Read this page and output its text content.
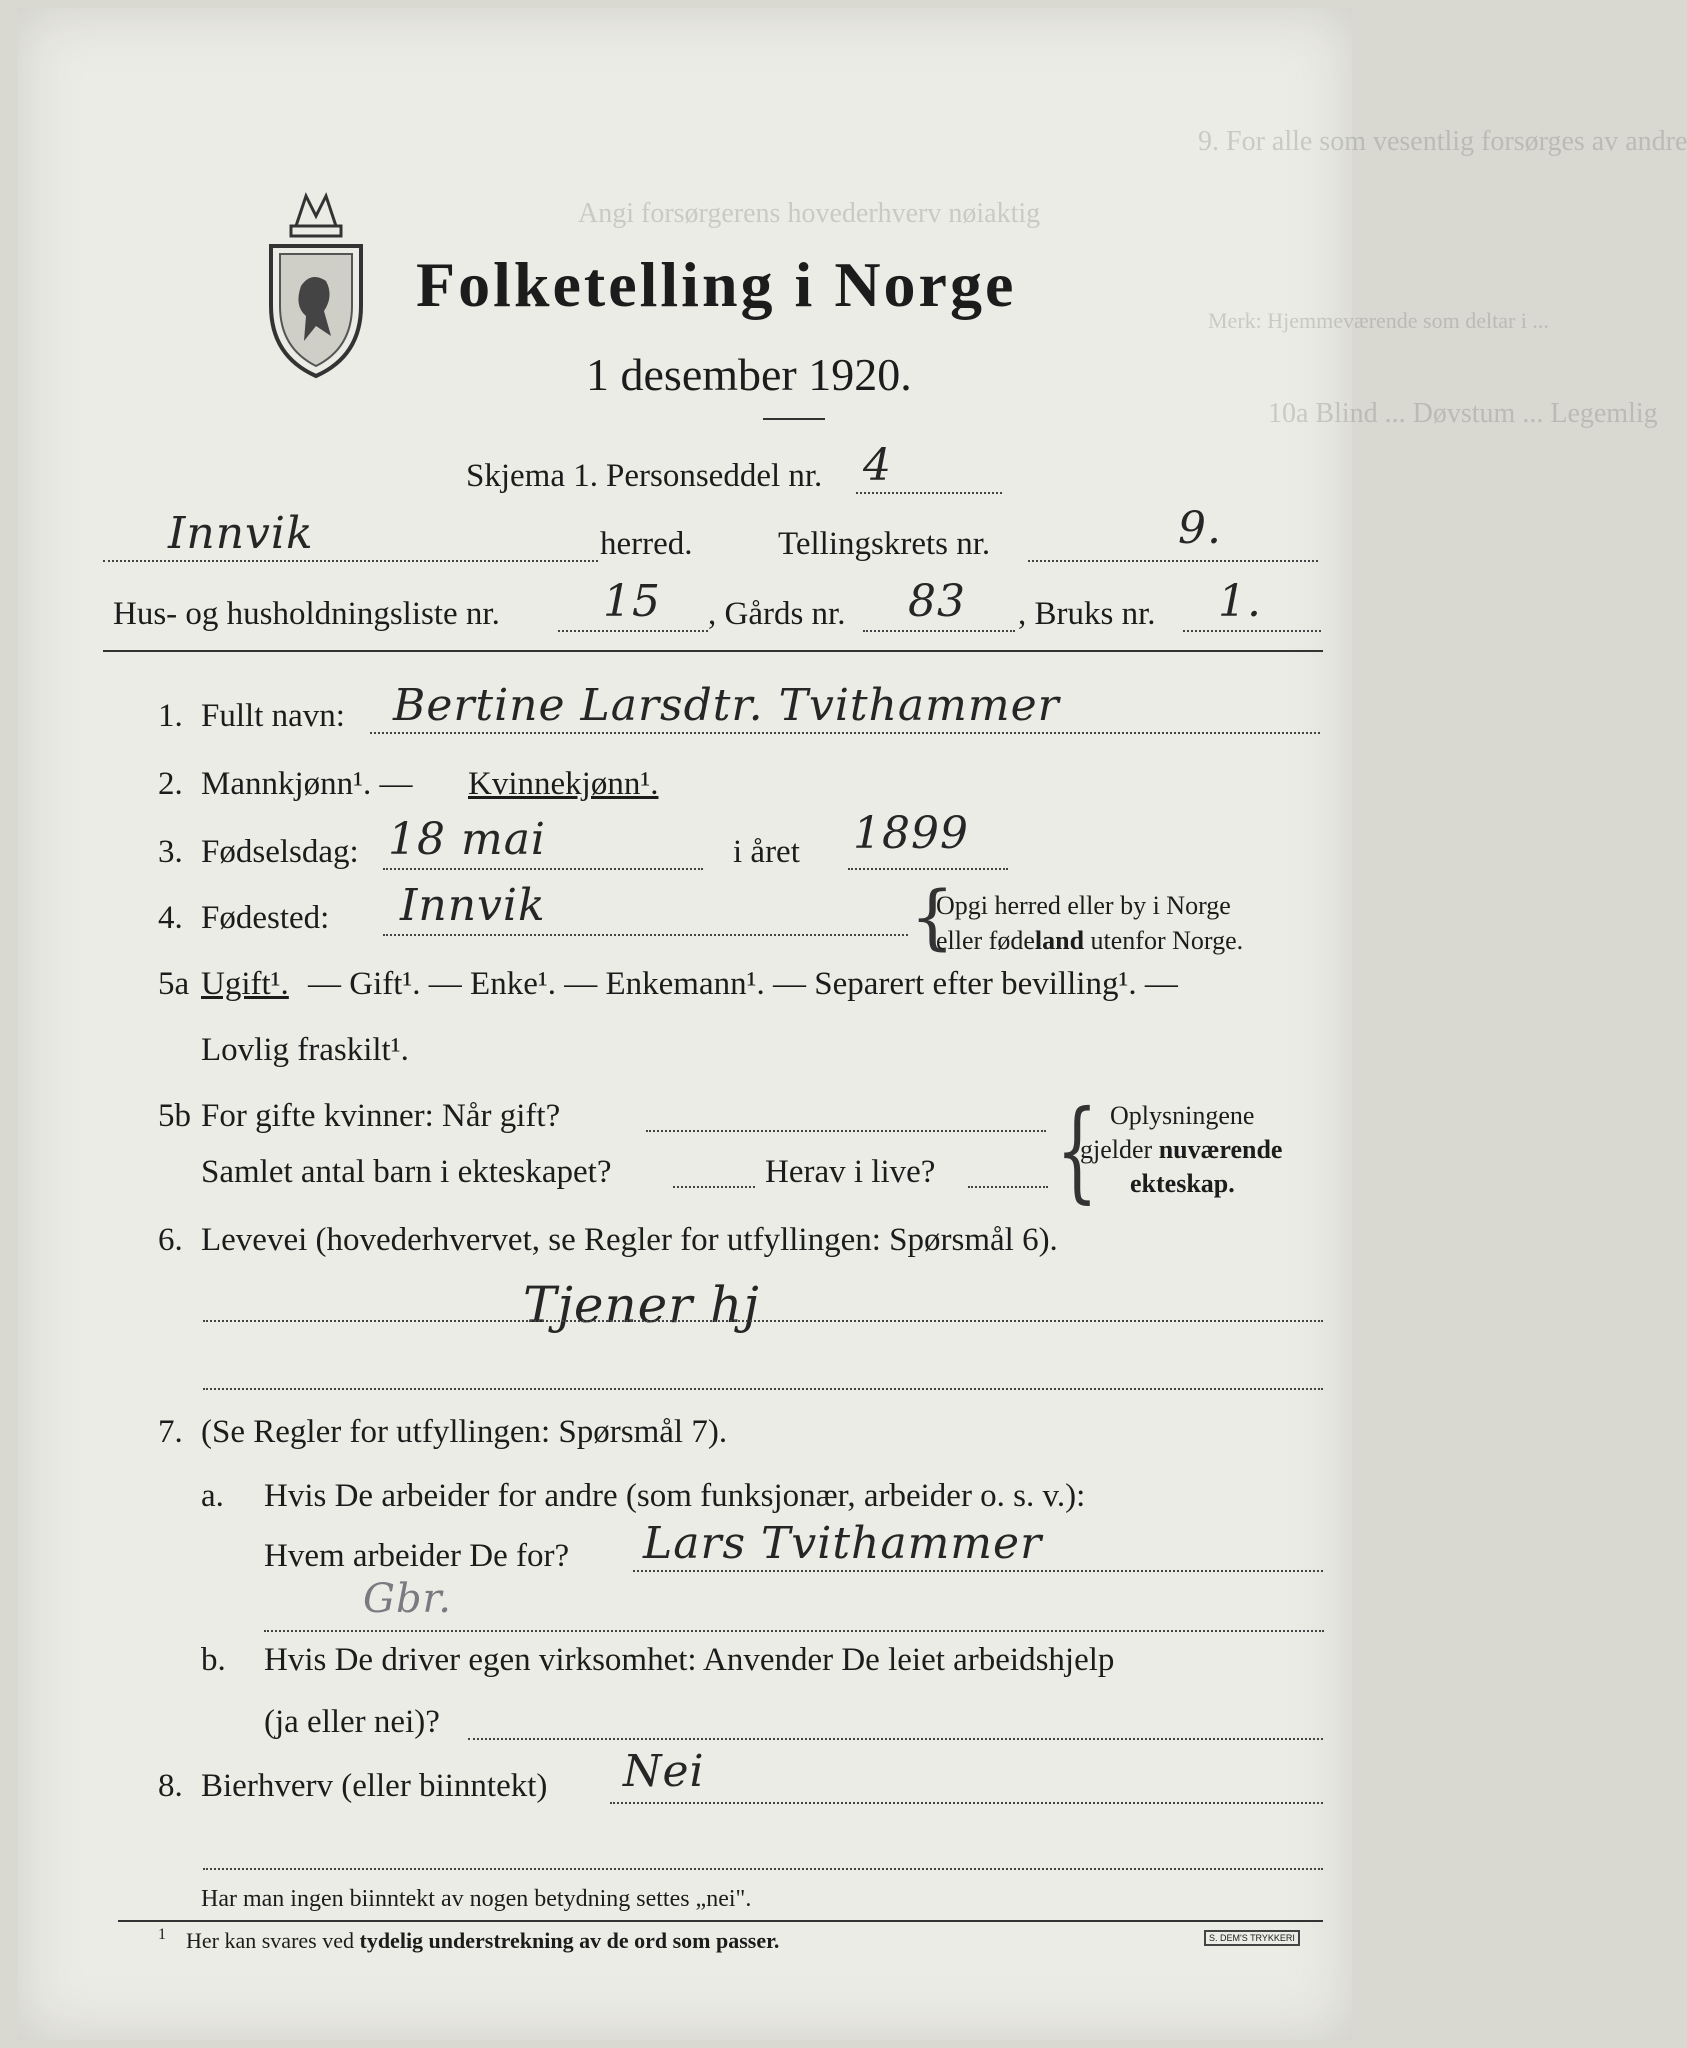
9. For alle som vesentlig forsørges av andre
Angi forsørgerens hovederhverv nøiaktig
Merk: Hjemmeværende som deltar i ...
10a Blind ... Døvstum ... Legemlig
Folketelling i Norge
1 desember 1920.
Skjema 1. Personseddel nr. 4
Innvik	herred.	Tellingskrets nr.	9.
Hus- og husholdningsliste nr. 15 , Gårds nr. 83 , Bruks nr. 1.
1. Fullt navn: Bertine Larsdtr. Tvithammer
2. Mannkjønn¹. — Kvinnekjønn¹.
3. Fødselsdag: 18 mai	i året 1899
4. Fødested: Innvik	{
Opgi herred eller by i Norge
eller fødeland utenfor Norge.
5a Ugift¹. — Gift¹. — Enke¹. — Enkemann¹. — Separert efter bevilling¹. —
Lovlig fraskilt¹.
5b For gifte kvinner: Når gift?
Samlet antal barn i ekteskapet?	Herav i live? { Oplysningene
gjelder nuværende
ekteskap.
6. Levevei (hovederhvervet, se Regler for utfyllingen: Spørsmål 6).
Tjener hj
7. (Se Regler for utfyllingen: Spørsmål 7).
a. Hvis De arbeider for andre (som funksjonær, arbeider o. s. v.):
Hvem arbeider De for? Lars Tvithammer
Gbr.
b. Hvis De driver egen virksomhet: Anvender De leiet arbeidshjelp
(ja eller nei)?
8. Bierhverv (eller biinntekt) Nei
Har man ingen biinntekt av nogen betydning settes „nei".
1 Her kan svares ved tydelig understrekning av de ord som passer.	S. DEM'S TRYKKERI
